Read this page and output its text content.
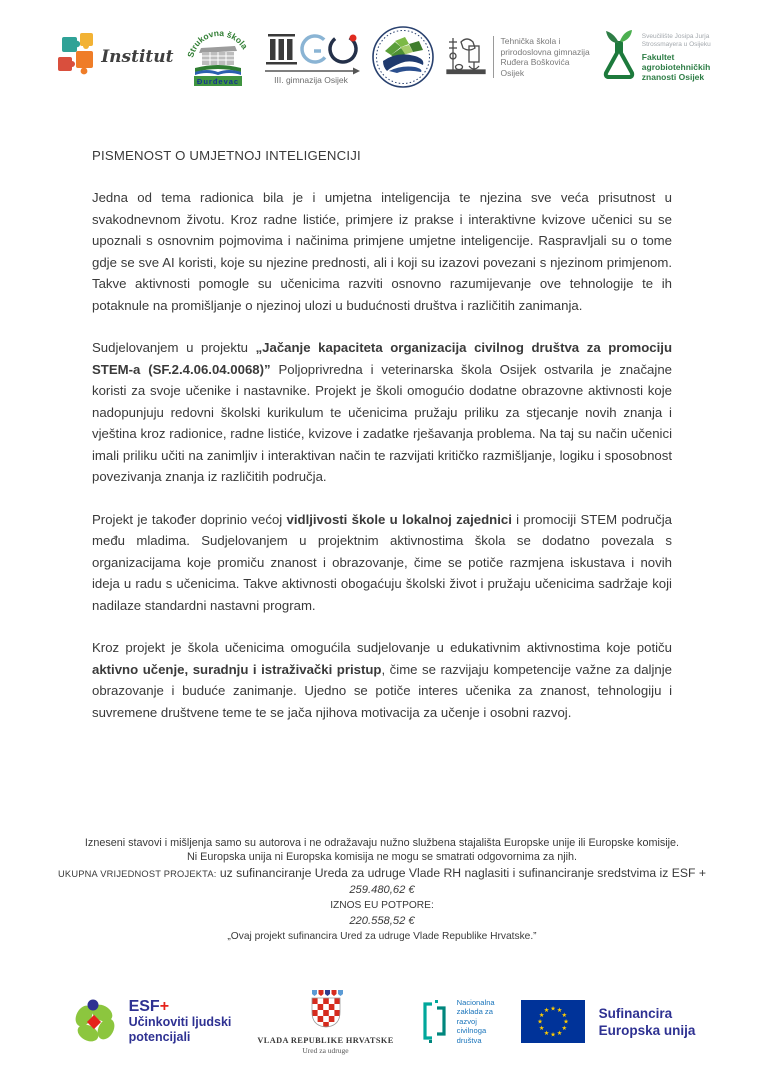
Institut Strukovna škola
Đurđevac	III. gimnazija Osijek
Tehnička škola i
prirodoslovna gimnazija
Ruđera Boškovića
Osijek
Sveučilište Josipa Jurja
Strossmayera u Osijeku
Fakultet
agrobiotehničkih
znanosti Osijek
PISMENOST O UMJETNOJ INTELIGENCIJI

Jedna od tema radionica bila je i umjetna inteligencija te njezina sve veća prisutnost u svakodnevnom životu. Kroz radne listiće, primjere iz prakse i interaktivne kvizove učenici su se upoznali s osnovnim pojmovima i načinima primjene umjetne inteligencije. Raspravljali su o tome gdje se sve AI koristi, koje su njezine prednosti, ali i koji su izazovi povezani s njezinom primjenom. Takve aktivnosti pomogle su učenicima razviti osnovno razumijevanje ove tehnologije te ih potaknule na promišljanje o njezinoj ulozi u budućnosti društva i različitih zanimanja.

Sudjelovanjem u projektu „Jačanje kapaciteta organizacija civilnog društva za promociju STEM-a (SF.2.4.06.04.0068)” Poljoprivredna i veterinarska škola Osijek ostvarila je značajne koristi za svoje učenike i nastavnike. Projekt je školi omogućio dodatne obrazovne aktivnosti koje nadopunjuju redovni školski kurikulum te učenicima pružaju priliku za stjecanje novih znanja i vještina kroz radionice, radne listiće, kvizove i zadatke rješavanja problema. Na taj su način učenici imali priliku učiti na zanimljiv i interaktivan način te razvijati kritičko razmišljanje, logiku i sposobnost povezivanja znanja iz različitih područja.

Projekt je također doprinio većoj vidljivosti škole u lokalnoj zajednici i promociji STEM područja među mladima. Sudjelovanjem u projektnim aktivnostima škola se dodatno povezala s organizacijama koje promiču znanost i obrazovanje, čime se potiče razmjena iskustava i novih ideja u radu s učenicima. Takve aktivnosti obogaćuju školski život i pružaju učenicima sadržaje koji nadilaze standardni nastavni program.

Kroz projekt je škola učenicima omogućila sudjelovanje u edukativnim aktivnostima koje potiču aktivno učenje, suradnju i istraživački pristup, čime se razvijaju kompetencije važne za daljnje obrazovanje i buduće zanimanje. Ujedno se potiče interes učenika za znanost, tehnologiju i suvremene društvene teme te se jača njihova motivacija za učenje i osobni razvoj.

Izneseni stavovi i mišljenja samo su autorova i ne odražavaju nužno službena stajališta Europske unije ili Europske komisije.

Ni Europska unija ni Europska komisija ne mogu se smatrati odgovornima za njih.

UKUPNA VRIJEDNOST PROJEKTA: uz sufinanciranje Ureda za udruge Vlade RH naglasiti i sufinanciranje sredstvima iz ESF +

259.480,62 €

IZNOS EU POTPORE:

220.558,52 €

„Ovaj projekt sufinancira Ured za udruge Vlade Republike Hrvatske.”

ESF+
Učinkoviti ljudski
potencijali	VLADA REPUBLIKE HRVATSKE
Ured za udruge
Nacionalna
zaklada za
razvoj
civilnoga
društva
★ ★
★
★
★
★
★
★
★
★
★
★	Sufinancira
Europska unija
